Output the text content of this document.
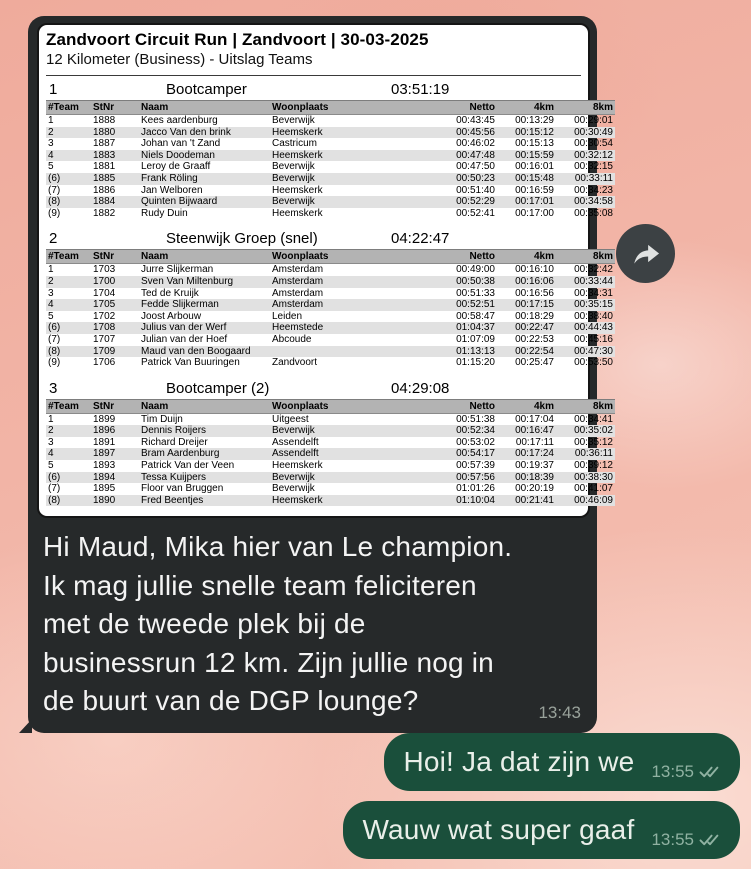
Zandvoort Circuit Run | Zandvoort | 30-03-2025
12 Kilometer (Business) - Uitslag Teams
1	Bootcamper	03:51:19
#Team	StNr	Naam	Woonplaats	Netto	4km	8km
1	1888	Kees aardenburg	Beverwijk	00:43:45	00:13:29	00:29:01
2	1880	Jacco Van den brink	Heemskerk	00:45:56	00:15:12	00:30:49
3	1887	Johan van 't Zand	Castricum	00:46:02	00:15:13	00:30:54
4	1883	Niels Doodeman	Heemskerk	00:47:48	00:15:59	00:32:12
5	1881	Leroy de Graaff	Beverwijk	00:47:50	00:16:01	00:32:15
(6)	1885	Frank Röling	Beverwijk	00:50:23	00:15:48	00:33:11
(7)	1886	Jan Welboren	Heemskerk	00:51:40	00:16:59	00:34:23
(8)	1884	Quinten Bijwaard	Beverwijk	00:52:29	00:17:01	00:34:58
(9)	1882	Rudy Duin	Heemskerk	00:52:41	00:17:00	00:35:08
2	Steenwijk Groep (snel)	04:22:47
#Team	StNr	Naam	Woonplaats	Netto	4km	8km
1	1703	Jurre Slijkerman	Amsterdam	00:49:00	00:16:10	00:32:42
2	1700	Sven Van Miltenburg	Amsterdam	00:50:38	00:16:06	00:33:44
3	1704	Ted de Kruijk	Amsterdam	00:51:33	00:16:56	00:34:31
4	1705	Fedde Slijkerman	Amsterdam	00:52:51	00:17:15	00:35:15
5	1702	Joost Arbouw	Leiden	00:58:47	00:18:29	00:38:40
(6)	1708	Julius van der Werf	Heemstede	01:04:37	00:22:47	00:44:43
(7)	1707	Julian van der Hoef	Abcoude	01:07:09	00:22:53	00:45:16
(8)	1709	Maud van den Boogaard		01:13:13	00:22:54	00:47:30
(9)	1706	Patrick Van Buuringen	Zandvoort	01:15:20	00:25:47	00:53:50
3	Bootcamper (2)	04:29:08
#Team	StNr	Naam	Woonplaats	Netto	4km	8km
1	1899	Tim Duijn	Uitgeest	00:51:38	00:17:04	00:34:41
2	1896	Dennis Roijers	Beverwijk	00:52:34	00:16:47	00:35:02
3	1891	Richard Dreijer	Assendelft	00:53:02	00:17:11	00:35:12
4	1897	Bram Aardenburg	Assendelft	00:54:17	00:17:24	00:36:11
5	1893	Patrick Van der Veen	Heemskerk	00:57:39	00:19:37	00:39:12
(6)	1894	Tessa Kuijpers	Beverwijk	00:57:56	00:18:39	00:38:30
(7)	1895	Floor van Bruggen	Beverwijk	01:01:26	00:20:19	00:41:07
(8)	1890	Fred Beentjes	Heemskerk	01:10:04	00:21:41	00:46:09
Hi Maud, Mika hier van Le champion.
Ik mag jullie snelle team feliciteren
met de tweede plek bij de
businessrun 12 km. Zijn jullie nog in
de buurt van de DGP lounge?	13:43
Hoi! Ja dat zijn we 13:55
Wauw wat super gaaf 13:55
